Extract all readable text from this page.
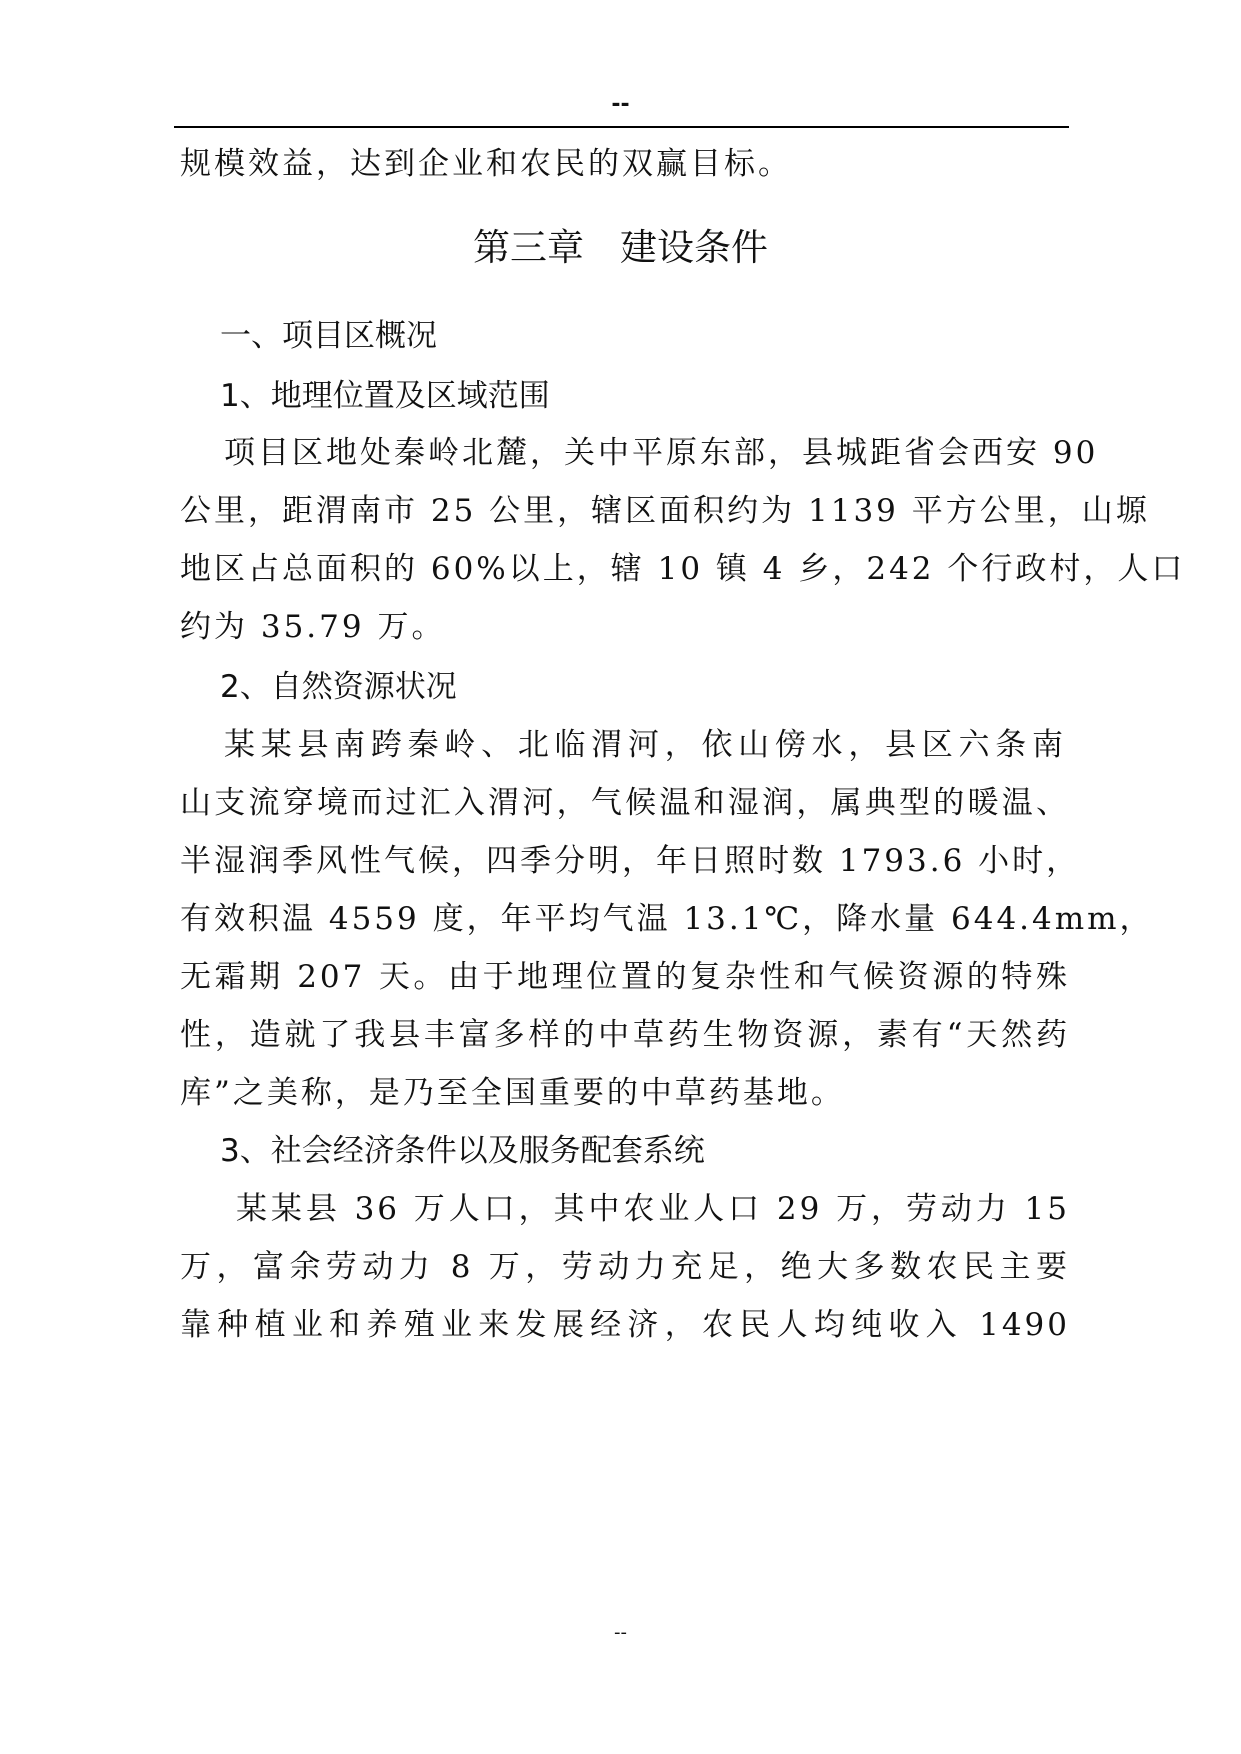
--
规模效益，达到企业和农民的双赢目标。
第三章 建设条件
一、项目区概况
1、地理位置及区域范围
项目区地处秦岭北麓，关中平原东部，县城距省会西安 90
公里，距渭南市 25 公里，辖区面积约为 1139 平方公里，山塬
地区占总面积的 60%以上，辖 10 镇 4 乡，242 个行政村，人口
约为 35.79 万。
2、自然资源状况
某某县南跨秦岭、北临渭河，依山傍水，县区六条南
山支流穿境而过汇入渭河，气候温和湿润，属典型的暖温、
半湿润季风性气候，四季分明，年日照时数 1793.6 小时，
有效积温 4559 度，年平均气温 13.1℃，降水量 644.4mm，
无霜期 207 天。由于地理位置的复杂性和气候资源的特殊
性，造就了我县丰富多样的中草药生物资源，素有“天然药
库”之美称，是乃至全国重要的中草药基地。
3、社会经济条件以及服务配套系统
某某县 36 万人口，其中农业人口 29 万，劳动力 15
万，富余劳动力 8 万，劳动力充足，绝大多数农民主要
靠种植业和养殖业来发展经济，农民人均纯收入 1490
--
